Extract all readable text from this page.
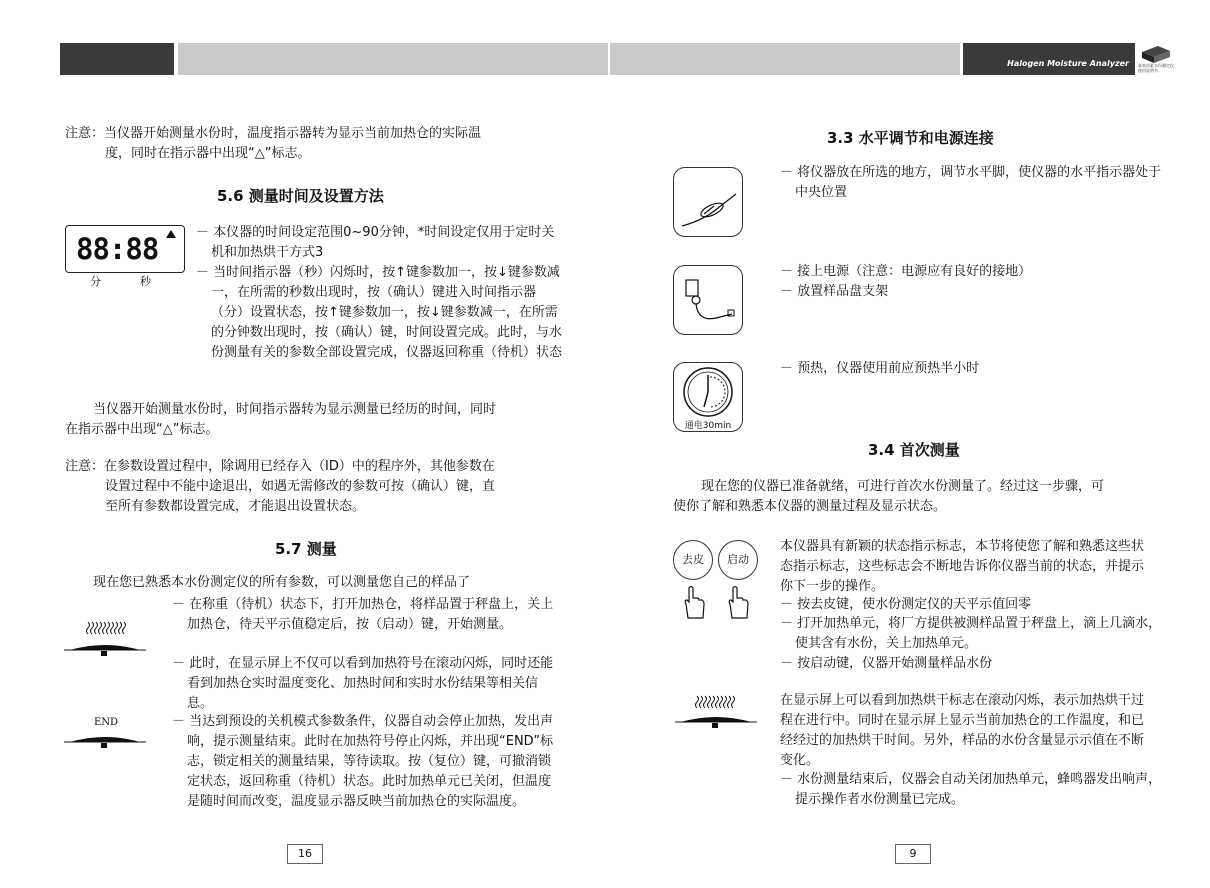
Halogen Moisture Analyzer 高效卤素水份测定仪使用说明书
注意：当仪器开始测量水份时，温度指示器转为显示当前加热仓的实际温
度，同时在指示器中出现“△”标志。
5.6 测量时间及设置方法
88:88
分	秒
－ 本仪器的时间设定范围0~90分钟，*时间设定仅用于定时关机和加热烘干方式3
－ 当时间指示器（秒）闪烁时，按↑键参数加一，按↓键参数减一，在所需的秒数出现时，按（确认）键进入时间指示器（分）设置状态，按↑键参数加一，按↓键参数减一，在所需的分钟数出现时，按（确认）键，时间设置完成。此时，与水份测量有关的参数全部设置完成，仪器返回称重（待机）状态
当仪器开始测量水份时，时间指示器转为显示测量已经历的时间，同时
在指示器中出现“△”标志。
注意：在参数设置过程中，除调用已经存入（ID）中的程序外，其他参数在
设置过程中不能中途退出，如遇无需修改的参数可按（确认）键，直
至所有参数都设置完成，才能退出设置状态。
5.7 测量
现在您已熟悉本水份测定仪的所有参数，可以测量您自己的样品了
END
－ 在称重（待机）状态下，打开加热仓，将样品置于秤盘上，关上加热仓，待天平示值稳定后，按（启动）键，开始测量。
－ 此时，在显示屏上不仅可以看到加热符号在滚动闪烁，同时还能看到加热仓实时温度变化、加热时间和实时水份结果等相关信息。
－ 当达到预设的关机模式参数条件，仪器自动会停止加热，发出声响，提示测量结束。此时在加热符号停止闪烁，并出现“END”标志，锁定相关的测量结果，等待读取。按（复位）键，可撤消锁定状态，返回称重（待机）状态。此时加热单元已关闭，但温度是随时间而改变，温度显示器反映当前加热仓的实际温度。
16
3.3 水平调节和电源连接
－ 将仪器放在所选的地方，调节水平脚，使仪器的水平指示器处于中央位置
－ 接上电源（注意：电源应有良好的接地）
－ 放置样品盘支架
通电30min
－ 预热，仪器使用前应预热半小时
3.4 首次测量
现在您的仪器已准备就绪，可进行首次水份测量了。经过这一步骤，可
使你了解和熟悉本仪器的测量过程及显示状态。
去皮	启动
本仪器具有新颖的状态指示标志，本节将使您了解和熟悉这些状态指示标志，这些标志会不断地告诉你仪器当前的状态，并提示你下一步的操作。
－ 按去皮键，使水份测定仪的天平示值回零
－ 打开加热单元，将厂方提供被测样品置于秤盘上，滴上几滴水，使其含有水份，关上加热单元。
－ 按启动键，仪器开始测量样品水份
在显示屏上可以看到加热烘干标志在滚动闪烁，表示加热烘干过程在进行中。同时在显示屏上显示当前加热仓的工作温度，和已经经过的加热烘干时间。另外，样品的水份含量显示示值在不断变化。
－ 水份测量结束后，仪器会自动关闭加热单元，蜂鸣器发出响声，提示操作者水份测量已完成。
9
